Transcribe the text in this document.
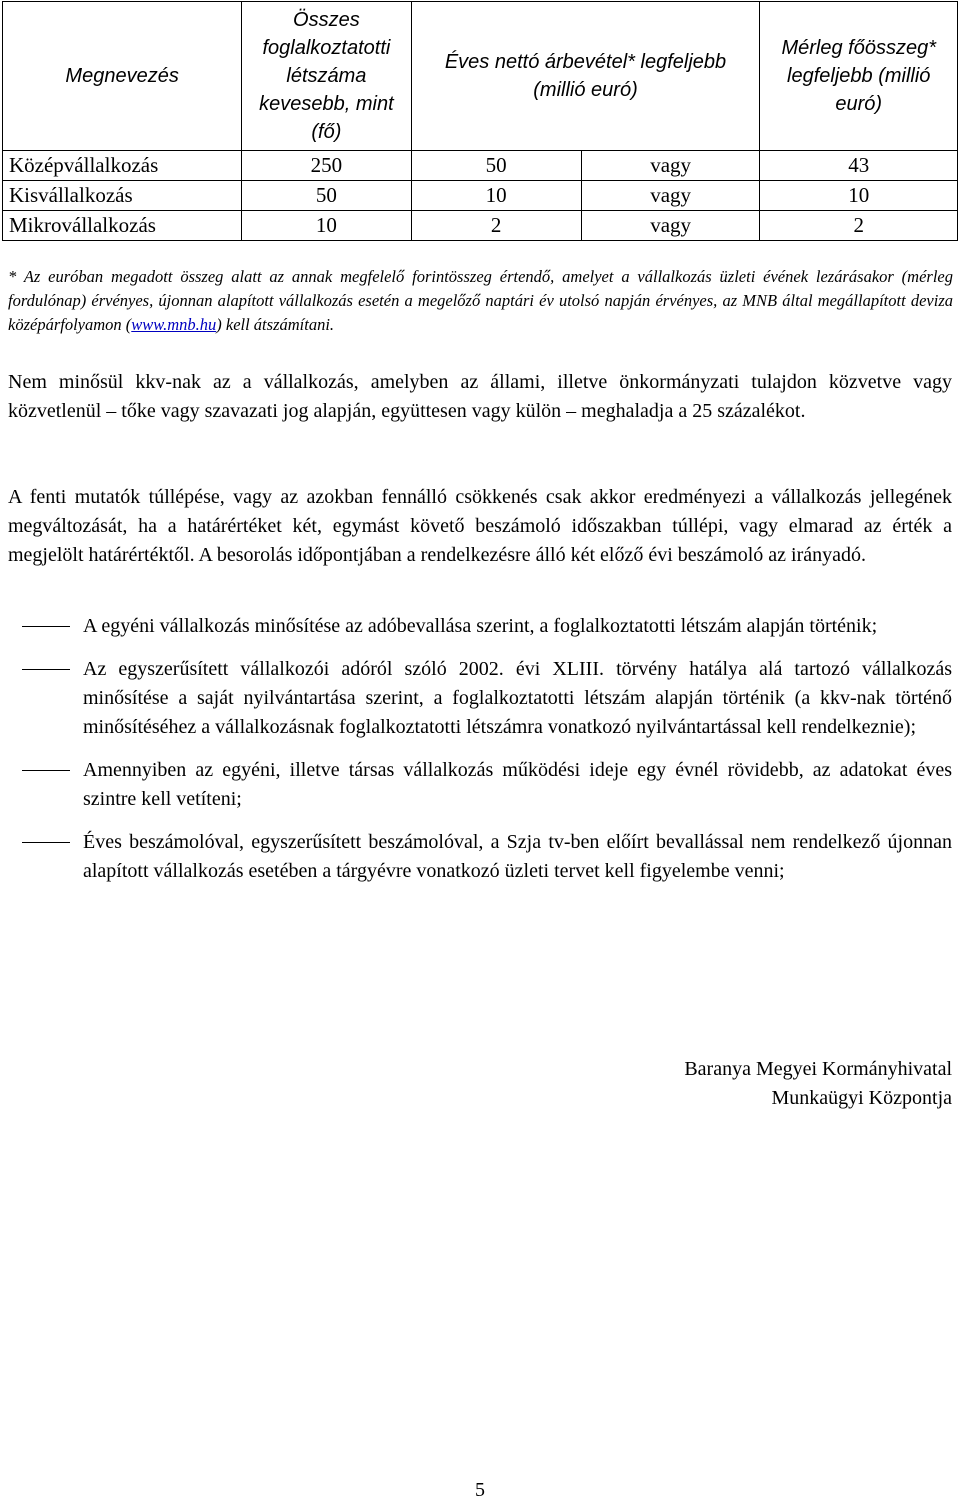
Megnevezés	Összes foglalkoztatotti létszáma kevesebb, mint (fő)	Éves nettó árbevétel* legfeljebb (millió euró)		Mérleg főösszeg* legfeljebb (millió euró)
Középvállalkozás	250	50	vagy	43
Kisvállalkozás	50	10	vagy	10
Mikrovállalkozás	10	2	vagy	2
* Az euróban megadott összeg alatt az annak megfelelő forintösszeg értendő, amelyet a vállalkozás üzleti évének lezárásakor (mérleg fordulónap) érvényes, újonnan alapított vállalkozás esetén a megelőző naptári év utolsó napján érvényes, az MNB által megállapított deviza középárfolyamon (www.mnb.hu) kell átszámítani.

Nem minősül kkv-nak az a vállalkozás, amelyben az állami, illetve önkormányzati tulajdon közvetve vagy közvetlenül – tőke vagy szavazati jog alapján, együttesen vagy külön – meghaladja a 25 százalékot.

A fenti mutatók túllépése, vagy az azokban fennálló csökkenés csak akkor eredményezi a vállalkozás jellegének megváltozását, ha a határértéket két, egymást követő beszámoló időszakban túllépi, vagy elmarad az érték a megjelölt határértéktől. A besorolás időpontjában a rendelkezésre álló két előző évi beszámoló az irányadó.

A egyéni vállalkozás minősítése az adóbevallása szerint, a foglalkoztatotti létszám alapján történik;
Az egyszerűsített vállalkozói adóról szóló 2002. évi XLIII. törvény hatálya alá tartozó vállalkozás minősítése a saját nyilvántartása szerint, a foglalkoztatotti létszám alapján történik (a kkv-nak történő minősítéséhez a vállalkozásnak foglalkoztatotti létszámra vonatkozó nyilvántartással kell rendelkeznie);
Amennyiben az egyéni, illetve társas vállalkozás működési ideje egy évnél rövidebb, az adatokat éves szintre kell vetíteni;
Éves beszámolóval, egyszerűsített beszámolóval, a Szja tv-ben előírt bevallással nem rendelkező újonnan alapított vállalkozás esetében a tárgyévre vonatkozó üzleti tervet kell figyelembe venni;
Baranya Megyei Kormányhivatal
Munkaügyi Központja
5
